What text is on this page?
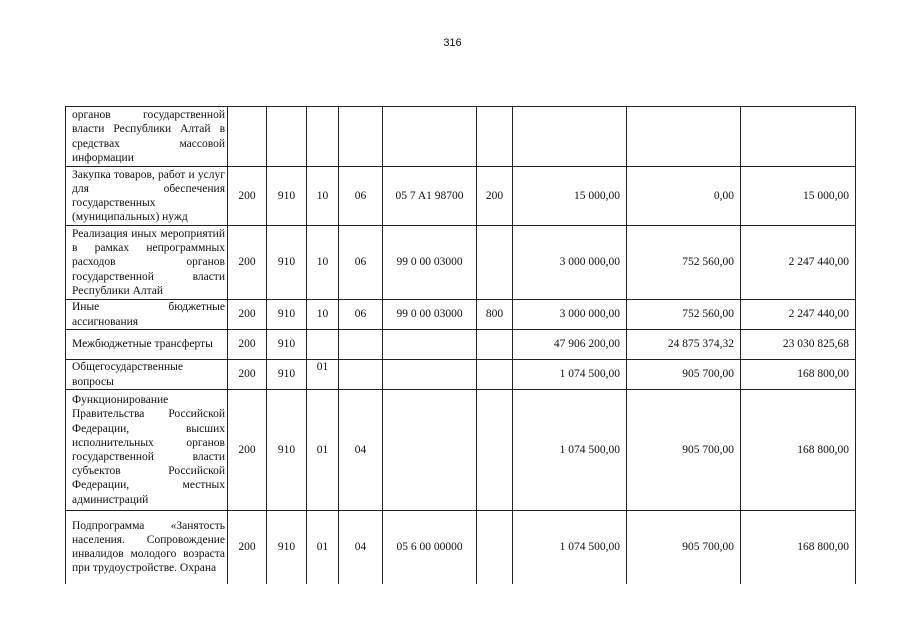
316
органов государственной власти Республики Алтай в средствах массовой информации									
Закупка товаров, работ и услуг для обеспечения государственных (муниципальных) нужд	200	910	10	06	05 7 A1 98700	200	15 000,00	0,00	15 000,00
Реализация иных мероприятий в рамках непрограммных расходов органов государственной власти Республики Алтай	200	910	10	06	99 0 00 03000		3 000 000,00	752 560,00	2 247 440,00
Иные бюджетные ассигнования	200	910	10	06	99 0 00 03000	800	3 000 000,00	752 560,00	2 247 440,00
Межбюджетные трансферты	200	910					47 906 200,00	24 875 374,32	23 030 825,68
Общегосударственные вопросы	200	910	01				1 074 500,00	905 700,00	168 800,00
Функционирование Правительства Российской Федерации, высших исполнительных органов государственной власти субъектов Российской Федерации, местных администраций	200	910	01	04			1 074 500,00	905 700,00	168 800,00
Подпрограмма «Занятость населения. Сопровождение инвалидов молодого возраста при трудоустройстве. Охрана	200	910	01	04	05 6 00 00000		1 074 500,00	905 700,00	168 800,00
